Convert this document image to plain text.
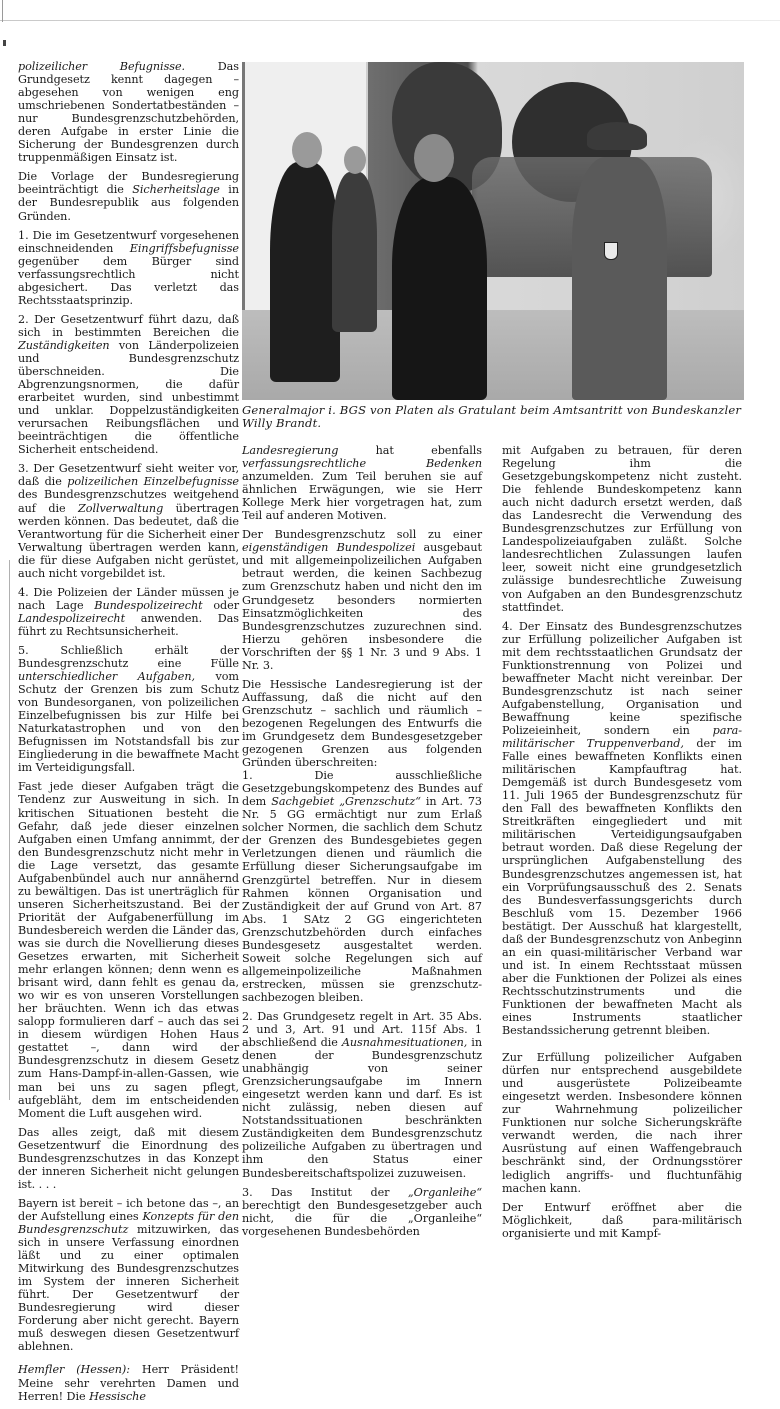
polizeilicher Befugnisse. Das Grundgesetz kennt dagegen – abgesehen von wenigen eng umschriebenen Sondertatbeständen – nur Bundesgrenzschutzbehörden, deren Aufgabe in erster Linie die Sicherung der Bundesgrenzen durch truppenmäßigen Einsatz ist.

Die Vorlage der Bundesregierung beeinträchtigt die Sicherheitslage in der Bundesrepublik aus folgenden Gründen.

1. Die im Gesetzentwurf vorgesehenen einschneidenden Eingriffsbefugnisse gegenüber dem Bürger sind verfassungsrechtlich nicht abgesichert. Das verletzt das Rechtsstaatsprinzip.

2. Der Gesetzentwurf führt dazu, daß sich in bestimmten Bereichen die Zuständigkeiten von Länderpolizeien und Bundesgrenzschutz überschneiden. Die Abgrenzungsnormen, die dafür erarbeitet wurden, sind unbestimmt und unklar. Doppelzuständigkeiten verursachen Reibungsflächen und beeinträchtigen die öffentliche Sicherheit entscheidend.

3. Der Gesetzentwurf sieht weiter vor, daß die polizeilichen Einzelbefugnisse des Bundesgrenzschutzes weitgehend auf die Zollverwaltung übertragen werden können. Das bedeutet, daß die Verantwortung für die Sicherheit einer Verwaltung übertragen werden kann, die für diese Aufgaben nicht gerüstet, auch nicht vorgebildet ist.

4. Die Polizeien der Länder müssen je nach Lage Bundespolizeirecht oder Landespolizeirecht anwenden. Das führt zu Rechtsunsicherheit.

5. Schließlich erhält der Bundesgrenzschutz eine Fülle unterschiedlicher Aufgaben, vom Schutz der Grenzen bis zum Schutz von Bundesorganen, von polizeilichen Einzelbefugnissen bis zur Hilfe bei Naturkatastrophen und von den Befugnissen im Notstandsfall bis zur Eingliederung in die bewaffnete Macht im Verteidigungsfall.

Fast jede dieser Aufgaben trägt die Tendenz zur Ausweitung in sich. In kritischen Situationen besteht die Gefahr, daß jede dieser einzelnen Aufgaben einen Umfang annimmt, der den Bundesgrenzschutz nicht mehr in die Lage versetzt, das gesamte Aufgabenbündel auch nur annähernd zu bewältigen. Das ist unerträglich für unseren Sicherheitszustand. Bei der Priorität der Aufgabenerfüllung im Bundesbereich werden die Länder das, was sie durch die Novellierung dieses Gesetzes erwarten, mit Sicherheit mehr erlangen können; denn wenn es brisant wird, dann fehlt es genau da, wo wir es von unseren Vorstellungen her bräuchten. Wenn ich das etwas salopp formulieren darf – auch das sei in diesem würdigen Hohen Haus gestattet –, dann wird der Bundesgrenzschutz in diesem Gesetz zum Hans-Dampf-in-allen-Gassen, wie man bei uns zu sagen pflegt, aufgebläht, dem im entscheidenden Moment die Luft ausgehen wird.

Das alles zeigt, daß mit diesem Gesetzentwurf die Einordnung des Bundesgrenzschutzes in das Konzept der inneren Sicherheit nicht gelungen ist. . . .

Bayern ist bereit – ich betone das –, an der Aufstellung eines Konzepts für den Bundesgrenzschutz mitzuwirken, das sich in unsere Verfassung einordnen läßt und zu einer optimalen Mitwirkung des Bundesgrenzschutzes im System der inneren Sicherheit führt. Der Gesetzentwurf der Bundesregierung wird dieser Forderung aber nicht gerecht. Bayern muß deswegen diesen Gesetzentwurf ablehnen.

Hemfler (Hessen): Herr Präsident! Meine sehr verehrten Damen und Herren! Die Hessische

Generalmajor i. BGS von Platen als Gratulant beim Amtsantritt von Bundeskanzler Willy Brandt.

Landesregierung hat ebenfalls verfassungsrechtliche Bedenken anzumelden. Zum Teil beruhen sie auf ähnlichen Erwägungen, wie sie Herr Kollege Merk hier vorgetragen hat, zum Teil auf anderen Motiven.

Der Bundesgrenzschutz soll zu einer eigenständigen Bundespolizei ausgebaut und mit allgemeinpolizeilichen Aufgaben betraut werden, die keinen Sachbezug zum Grenzschutz haben und nicht den im Grundgesetz besonders normierten Einsatzmöglichkeiten des Bundesgrenzschutzes zuzurechnen sind. Hierzu gehören insbesondere die Vorschriften der §§ 1 Nr. 3 und 9 Abs. 1 Nr. 3.

Die Hessische Landesregierung ist der Auffassung, daß die nicht auf den Grenzschutz – sachlich und räumlich – bezogenen Regelungen des Entwurfs die im Grundgesetz dem Bundesgesetzgeber gezogenen Grenzen aus folgenden Gründen überschreiten:

1. Die ausschließliche Gesetzgebungskompetenz des Bundes auf dem Sachgebiet „Grenzschutz“ in Art. 73 Nr. 5 GG ermächtigt nur zum Erlaß solcher Normen, die sachlich dem Schutz der Grenzen des Bundesgebietes gegen Verletzungen dienen und räumlich die Erfüllung dieser Sicherungsaufgabe im Grenzgürtel betreffen. Nur in diesem Rahmen können Organisation und Zuständigkeit der auf Grund von Art. 87 Abs. 1 SAtz 2 GG eingerichteten Grenzschutzbehörden durch einfaches Bundesgesetz ausgestaltet werden. Soweit solche Regelungen sich auf allgemeinpolizeiliche Maßnahmen erstrecken, müssen sie grenzschutz-sachbezogen bleiben.

2. Das Grundgesetz regelt in Art. 35 Abs. 2 und 3, Art. 91 und Art. 115f Abs. 1 abschließend die Ausnahmesituationen, in denen der Bundesgrenzschutz unabhängig von seiner Grenzsicherungsaufgabe im Innern eingesetzt werden kann und darf. Es ist nicht zulässig, neben diesen auf Notstandssituationen beschränkten Zuständigkeiten dem Bundesgrenzschutz polizeiliche Aufgaben zu übertragen und ihm den Status einer Bundesbereitschaftspolizei zuzuweisen.

3. Das Institut der „Organleihe“ berechtigt den Bundesgesetzgeber auch nicht, die für die „Organleihe“ vorgesehenen Bundesbehörden

mit Aufgaben zu betrauen, für deren Regelung ihm die Gesetzgebungskompetenz nicht zusteht. Die fehlende Bundeskompetenz kann auch nicht dadurch ersetzt werden, daß das Landesrecht die Verwendung des Bundesgrenzschutzes zur Erfüllung von Landespolizeiaufgaben zuläßt. Solche landesrechtlichen Zulassungen laufen leer, soweit nicht eine grundgesetzlich zulässige bundesrechtliche Zuweisung von Aufgaben an den Bundesgrenzschutz stattfindet.

4. Der Einsatz des Bundesgrenzschutzes zur Erfüllung polizeilicher Aufgaben ist mit dem rechtsstaatlichen Grundsatz der Funktionstrennung von Polizei und bewaffneter Macht nicht vereinbar. Der Bundesgrenzschutz ist nach seiner Aufgabenstellung, Organisation und Bewaffnung keine spezifische Polizeieinheit, sondern ein para-militärischer Truppenverband, der im Falle eines bewaffneten Konflikts einen militärischen Kampfauftrag hat. Demgemäß ist durch Bundesgesetz vom 11. Juli 1965 der Bundesgrenzschutz für den Fall des bewaffneten Konflikts den Streitkräften eingegliedert und mit militärischen Verteidigungsaufgaben betraut worden. Daß diese Regelung der ursprünglichen Aufgabenstellung des Bundesgrenzschutzes angemessen ist, hat ein Vorprüfungsausschuß des 2. Senats des Bundesverfassungsgerichts durch Beschluß vom 15. Dezember 1966 bestätigt. Der Ausschuß hat klargestellt, daß der Bundesgrenzschutz von Anbeginn an ein quasi-militärischer Verband war und ist. In einem Rechtsstaat müssen aber die Funktionen der Polizei als eines Rechtsschutzinstruments und die Funktionen der bewaffneten Macht als eines Instruments staatlicher Bestandssicherung getrennt bleiben.

Zur Erfüllung polizeilicher Aufgaben dürfen nur entsprechend ausgebildete und ausgerüstete Polizeibeamte eingesetzt werden. Insbesondere können zur Wahrnehmung polizeilicher Funktionen nur solche Sicherungskräfte verwandt werden, die nach ihrer Ausrüstung auf einen Waffengebrauch beschränkt sind, der Ordnungsstörer lediglich angriffs- und fluchtunfähig machen kann.

Der Entwurf eröffnet aber die Möglichkeit, daß para-militärisch organisierte und mit Kampf-
